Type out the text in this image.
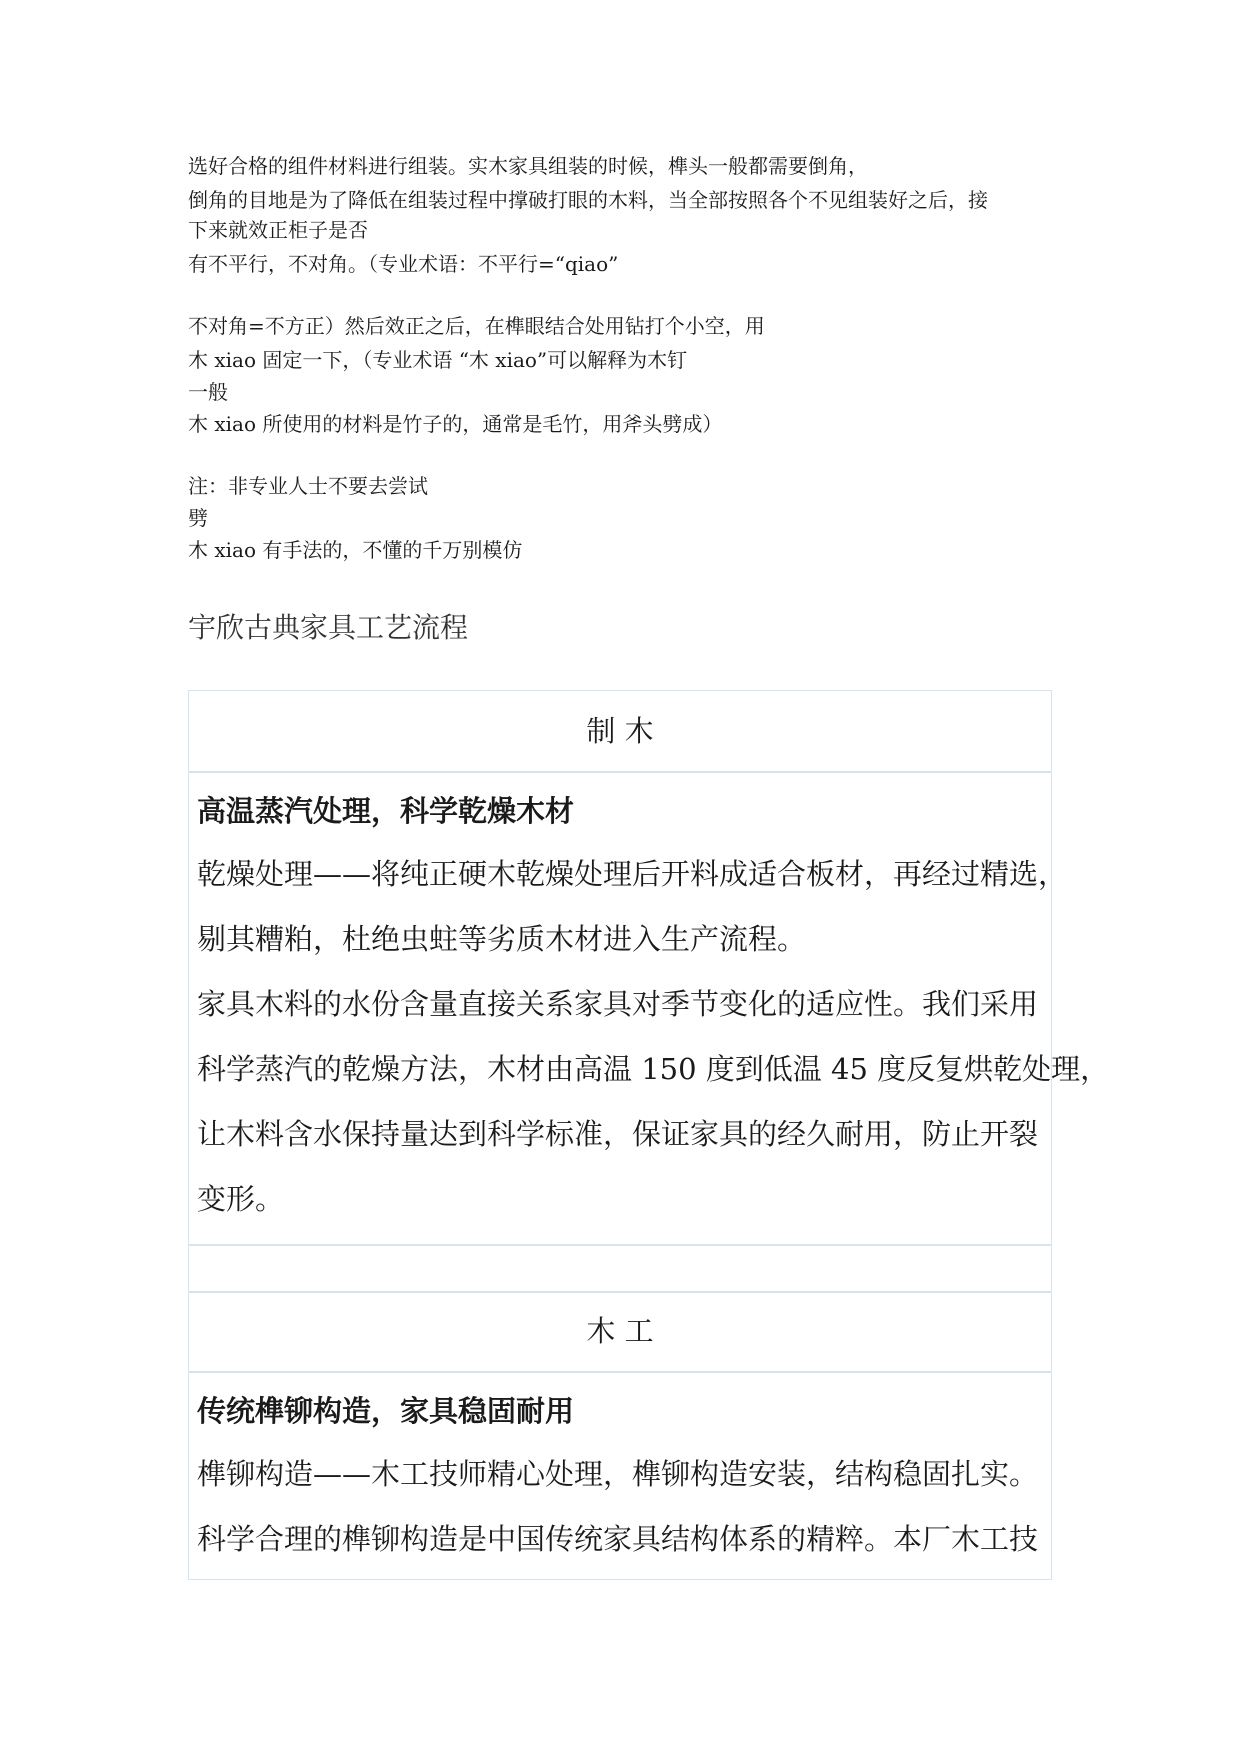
选好合格的组件材料进行组装。实木家具组装的时候，榫头一般都需要倒角，
倒角的目地是为了降低在组装过程中撑破打眼的木料，当全部按照各个不见组装好之后，接
下来就效正柜子是否
有不平行，不对角。（专业术语：不平行=“qiao”
不对角=不方正）然后效正之后，在榫眼结合处用钻打个小空，用
木 xiao 固定一下，（专业术语 “木 xiao”可以解释为木钉
一般
木 xiao 所使用的材料是竹子的，通常是毛竹，用斧头劈成）
注：非专业人士不要去尝试
劈
木 xiao 有手法的，不懂的千万别模仿
宇欣古典家具工艺流程
制 木
高温蒸汽处理，科学乾燥木材
乾燥处理——将纯正硬木乾燥处理后开料成适合板材，再经过精选，
剔其糟粕，杜绝虫蛀等劣质木材进入生产流程。
家具木料的水份含量直接关系家具对季节变化的适应性。我们采用
科学蒸汽的乾燥方法，木材由高温 150 度到低温 45 度反复烘乾处理，
让木料含水保持量达到科学标准，保证家具的经久耐用，防止开裂
变形。
木 工
传统榫铆构造，家具稳固耐用
榫铆构造——木工技师精心处理，榫铆构造安装，结构稳固扎实。
科学合理的榫铆构造是中国传统家具结构体系的精粹。本厂木工技
